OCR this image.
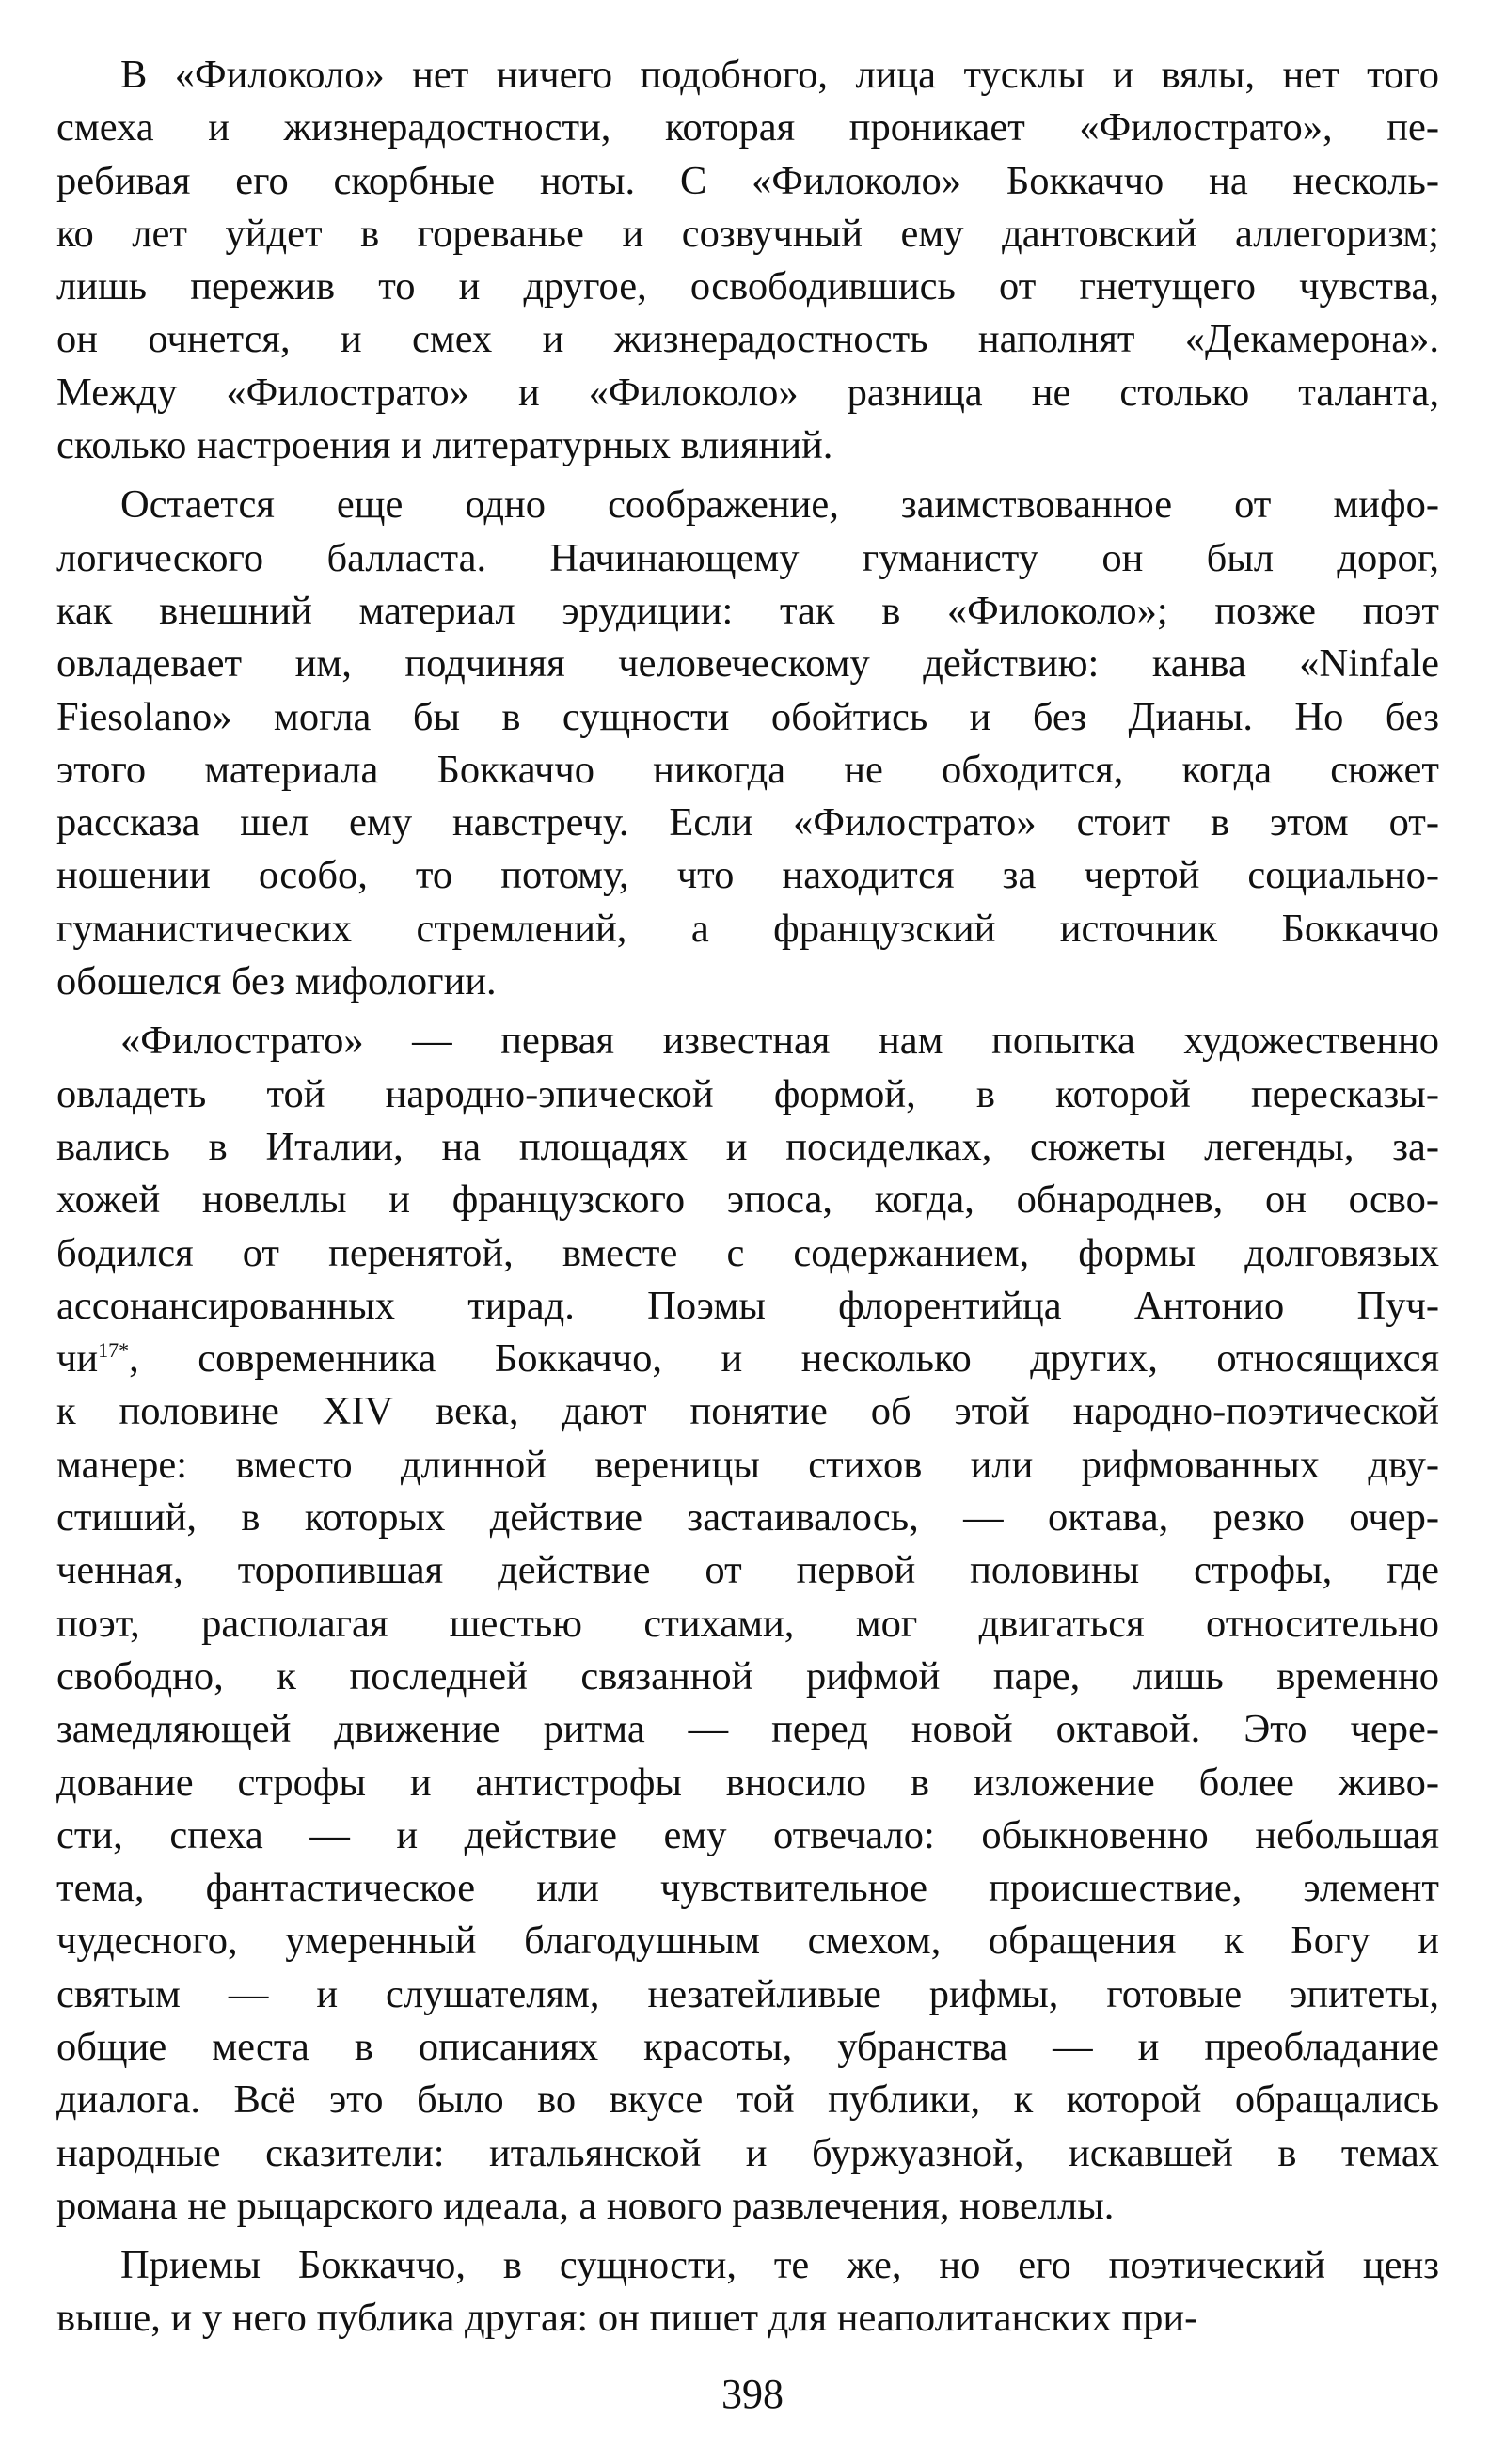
В «Филоколо» нет ничего подобного, лица тусклы и вялы, нет того
смеха и жизнерадостности, которая проникает «Филострато», пе-
ребивая его скорбные ноты. С «Филоколо» Боккаччо на несколь-
ко лет уйдет в гореванье и созвучный ему дантовский аллегоризм;
лишь пережив то и другое, освободившись от гнетущего чувства,
он очнется, и смех и жизнерадостность наполнят «Декамерона».
Между «Филострато» и «Филоколо» разница не столько таланта,
сколько настроения и литературных влияний.

Остается еще одно соображение, заимствованное от мифо-
логического балласта. Начинающему гуманисту он был дорог,
как внешний материал эрудиции: так в «Филоколо»; позже поэт
овладевает им, подчиняя человеческому действию: канва «Ninfale
Fiesolano» могла бы в сущности обойтись и без Дианы. Но без
этого материала Боккаччо никогда не обходится, когда сюжет
рассказа шел ему навстречу. Если «Филострато» стоит в этом от-
ношении особо, то потому, что находится за чертой социально-
гуманистических стремлений, а французский источник Боккаччо
обошелся без мифологии.

«Филострато» — первая известная нам попытка художественно
овладеть той народно-эпической формой, в которой пересказы-
вались в Италии, на площадях и посиделках, сюжеты легенды, за-
хожей новеллы и французского эпоса, когда, обнароднев, он осво-
бодился от перенятой, вместе с содержанием, формы долговязых
ассонансированных тирад. Поэмы флорентийца Антонио Пуч-
чи$^{17*}$, современника Боккаччо, и несколько других, относящихся
к половине XIV века, дают понятие об этой народно-поэтической
манере: вместо длинной вереницы стихов или рифмованных дву-
стиший, в которых действие застаивалось, — октава, резко очер-
ченная, торопившая действие от первой половины строфы, где
поэт, располагая шестью стихами, мог двигаться относительно
свободно, к последней связанной рифмой паре, лишь временно
замедляющей движение ритма — перед новой октавой. Это чере-
дование строфы и антистрофы вносило в изложение более живо-
сти, спеха — и действие ему отвечало: обыкновенно небольшая
тема, фантастическое или чувствительное происшествие, элемент
чудесного, умеренный благодушным смехом, обращения к Богу и
святым — и слушателям, незатейливые рифмы, готовые эпитеты,
общие места в описаниях красоты, убранства — и преобладание
диалога. Всё это было во вкусе той публики, к которой обращались
народные сказители: итальянской и буржуазной, искавшей в темах
романа не рыцарского идеала, а нового развлечения, новеллы.

Приемы Боккаччо, в сущности, те же, но его поэтический ценз
выше, и у него публика другая: он пишет для неаполитанских при-

398
